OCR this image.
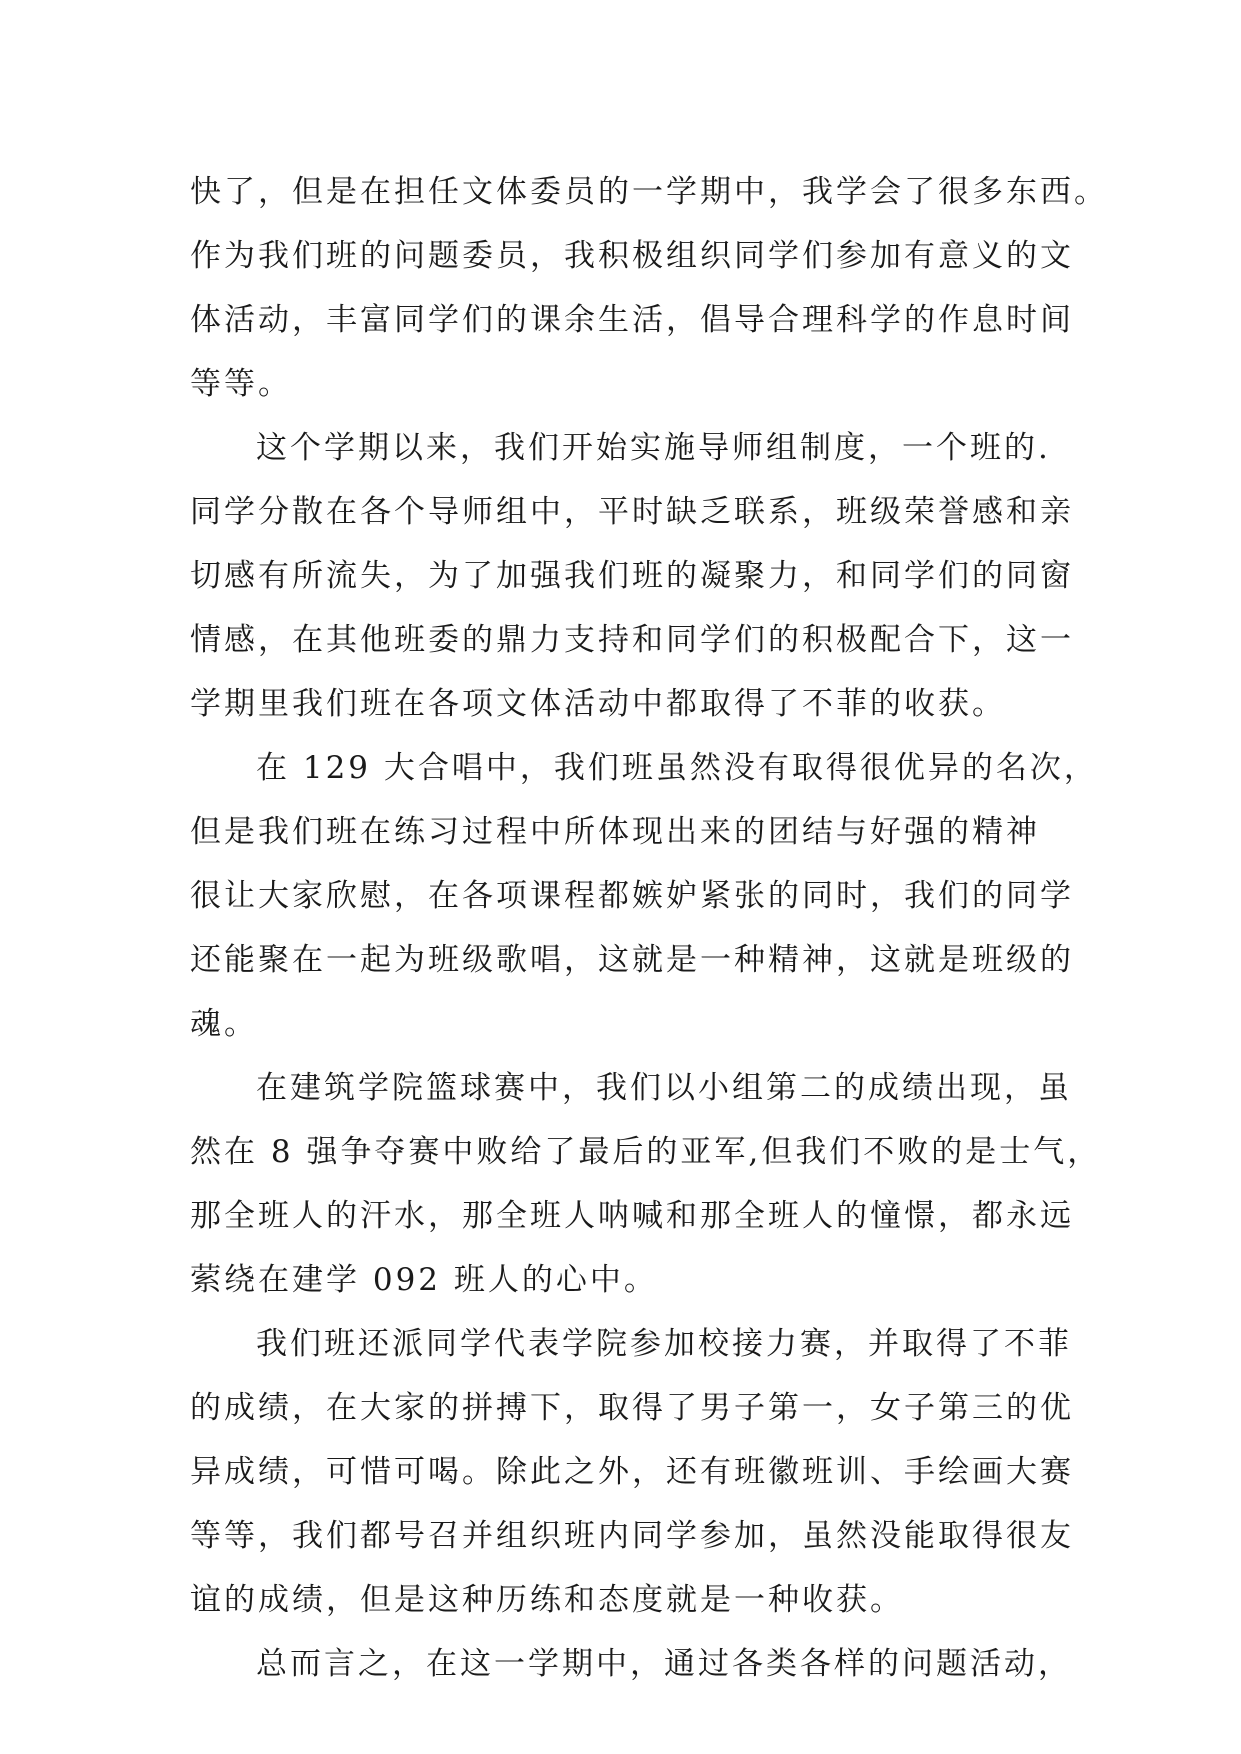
快了，但是在担任文体委员的一学期中，我学会了很多东西。
作为我们班的问题委员，我积极组织同学们参加有意义的文
体活动，丰富同学们的课余生活，倡导合理科学的作息时间
等等。
这个学期以来，我们开始实施导师组制度，一个班的.
同学分散在各个导师组中，平时缺乏联系，班级荣誉感和亲
切感有所流失，为了加强我们班的凝聚力，和同学们的同窗
情感，在其他班委的鼎力支持和同学们的积极配合下，这一
学期里我们班在各项文体活动中都取得了不菲的收获。
在 129 大合唱中，我们班虽然没有取得很优异的名次，
但是我们班在练习过程中所体现出来的团结与好强的精神
很让大家欣慰，在各项课程都嫉妒紧张的同时，我们的同学
还能聚在一起为班级歌唱，这就是一种精神，这就是班级的
魂。
在建筑学院篮球赛中，我们以小组第二的成绩出现，虽
然在 8 强争夺赛中败给了最后的亚军,但我们不败的是士气，
那全班人的汗水，那全班人呐喊和那全班人的憧憬，都永远
萦绕在建学 092 班人的心中。
我们班还派同学代表学院参加校接力赛，并取得了不菲
的成绩，在大家的拼搏下，取得了男子第一，女子第三的优
异成绩，可惜可喝。除此之外，还有班徽班训、手绘画大赛
等等，我们都号召并组织班内同学参加，虽然没能取得很友
谊的成绩，但是这种历练和态度就是一种收获。
总而言之，在这一学期中，通过各类各样的问题活动，
